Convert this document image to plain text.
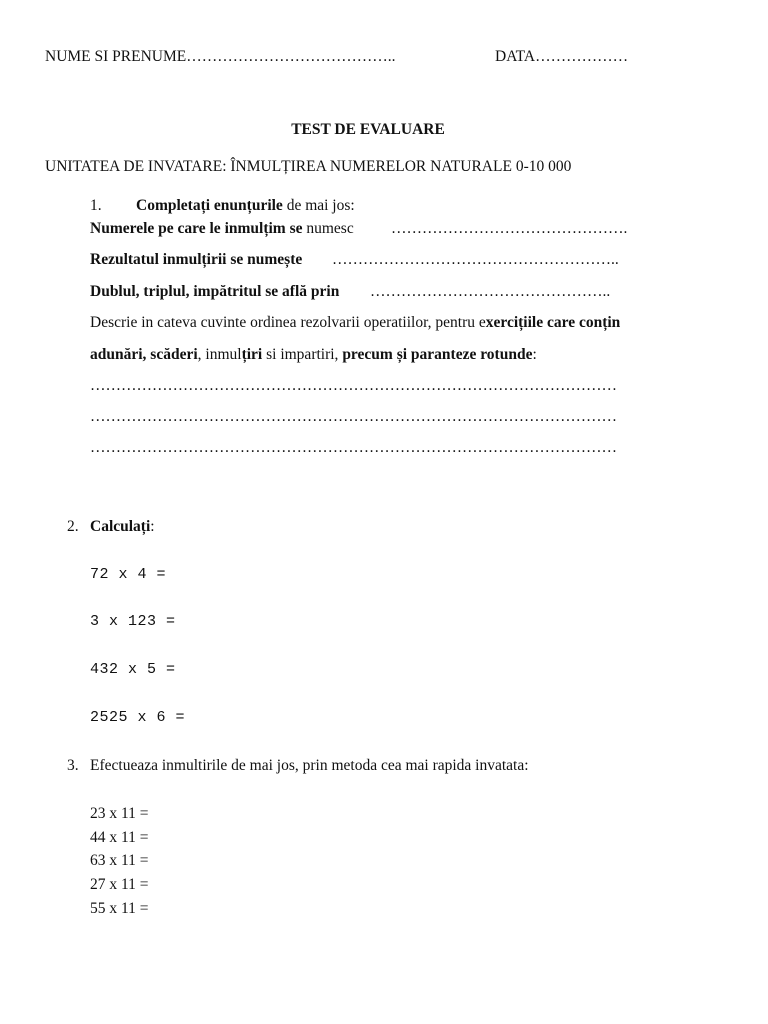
NUME SI PRENUME…………………………………..	DATA………………
TEST DE EVALUARE
UNITATEA DE INVATARE: ÎNMULȚIREA NUMERELOR NATURALE 0-10 000
1. Completați enunțurile de mai jos:
Numerele pe care le inmulțim se numesc ……………………………………….
Rezultatul inmulțirii se numește ………………………………………………..
Dublul, triplul, impătritul se află prin ………………………………………..
Descrie in cateva cuvinte ordinea rezolvarii operatiilor, pentru exercițiile care conțin
adunări, scăderi, inmulțiri si impartiri, precum și paranteze rotunde:
…………………………………………………………………………………………
…………………………………………………………………………………………
…………………………………………………………………………………………
2. Calculați:
72 x 4 =
3 x 123 =
432 x 5 =
2525 x 6 =
3. Efectueaza inmultirile de mai jos, prin metoda cea mai rapida invatata:
23 x 11 =
44 x 11 =
63 x 11 =
27 x 11 =
55 x 11 =
